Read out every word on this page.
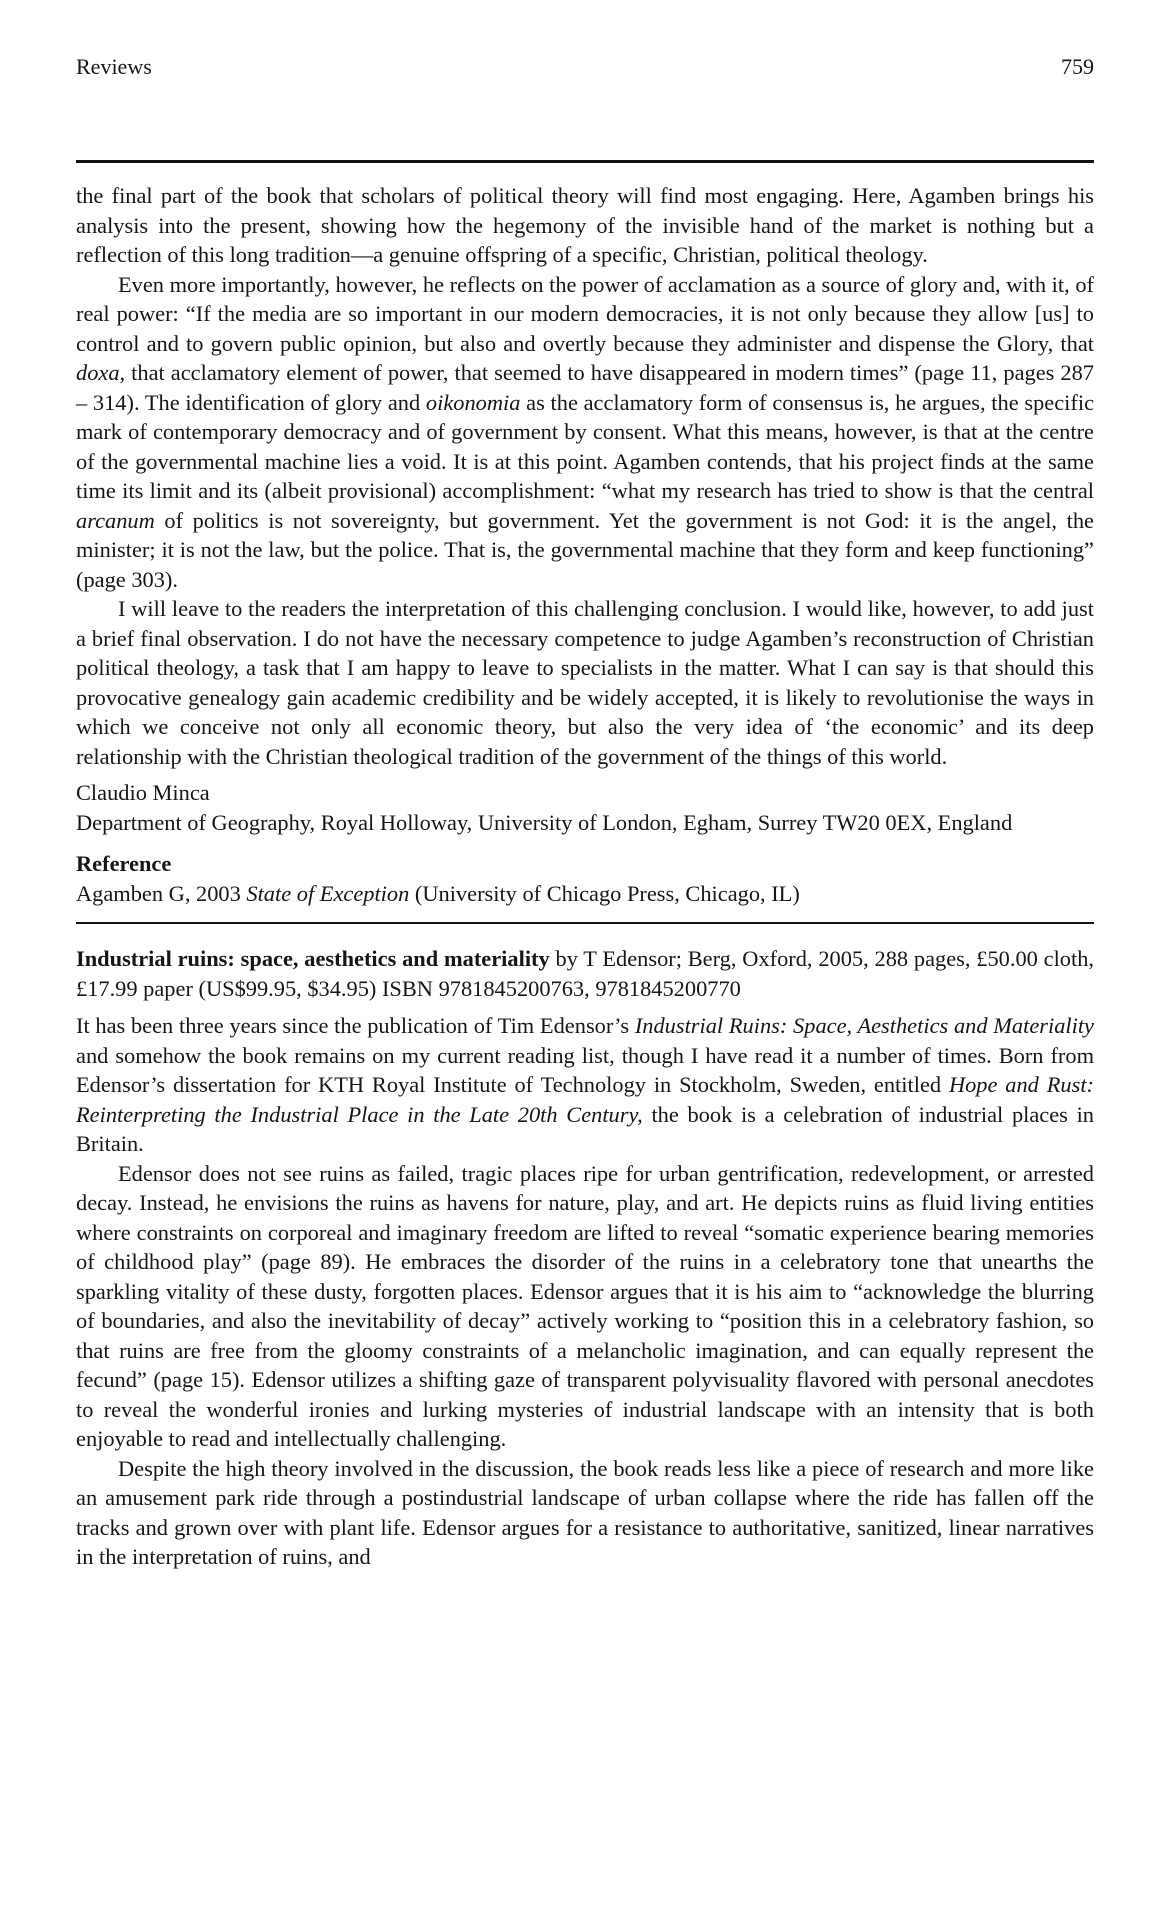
Reviews	759

the final part of the book that scholars of political theory will find most engaging. Here, Agamben brings his analysis into the present, showing how the hegemony of the invisible hand of the market is nothing but a reflection of this long tradition—a genuine offspring of a specific, Christian, political theology.

Even more importantly, however, he reflects on the power of acclamation as a source of glory and, with it, of real power: “If the media are so important in our modern democracies, it is not only because they allow [us] to control and to govern public opinion, but also and overtly because they administer and dispense the Glory, that doxa, that acclamatory element of power, that seemed to have disappeared in modern times” (page 11, pages 287 – 314). The identification of glory and oikonomia as the acclamatory form of consensus is, he argues, the specific mark of contemporary democracy and of government by consent. What this means, however, is that at the centre of the governmental machine lies a void. It is at this point. Agamben contends, that his project finds at the same time its limit and its (albeit provisional) accomplishment: “what my research has tried to show is that the central arcanum of politics is not sovereignty, but government. Yet the government is not God: it is the angel, the minister; it is not the law, but the police. That is, the governmental machine that they form and keep functioning” (page 303).

I will leave to the readers the interpretation of this challenging conclusion. I would like, however, to add just a brief final observation. I do not have the necessary competence to judge Agamben’s reconstruction of Christian political theology, a task that I am happy to leave to specialists in the matter. What I can say is that should this provocative genealogy gain academic credibility and be widely accepted, it is likely to revolutionise the ways in which we conceive not only all economic theory, but also the very idea of ‘the economic’ and its deep relationship with the Christian theological tradition of the government of the things of this world.

Claudio Minca
Department of Geography, Royal Holloway, University of London, Egham, Surrey TW20 0EX, England
Reference
Agamben G, 2003 State of Exception (University of Chicago Press, Chicago, IL)
Industrial ruins: space, aesthetics and materiality by T Edensor; Berg, Oxford, 2005, 288 pages, £50.00 cloth, £17.99 paper (US$99.95, $34.95) ISBN 9781845200763, 9781845200770

It has been three years since the publication of Tim Edensor’s Industrial Ruins: Space, Aesthetics and Materiality and somehow the book remains on my current reading list, though I have read it a number of times. Born from Edensor’s dissertation for KTH Royal Institute of Technology in Stockholm, Sweden, entitled Hope and Rust: Reinterpreting the Industrial Place in the Late 20th Century, the book is a celebration of industrial places in Britain.

Edensor does not see ruins as failed, tragic places ripe for urban gentrification, redevelopment, or arrested decay. Instead, he envisions the ruins as havens for nature, play, and art. He depicts ruins as fluid living entities where constraints on corporeal and imaginary freedom are lifted to reveal “somatic experience bearing memories of childhood play” (page 89). He embraces the disorder of the ruins in a celebratory tone that unearths the sparkling vitality of these dusty, forgotten places. Edensor argues that it is his aim to “acknowledge the blurring of boundaries, and also the inevitability of decay” actively working to “position this in a celebratory fashion, so that ruins are free from the gloomy constraints of a melancholic imagination, and can equally represent the fecund” (page 15). Edensor utilizes a shifting gaze of transparent polyvisuality flavored with personal anecdotes to reveal the wonderful ironies and lurking mysteries of industrial landscape with an intensity that is both enjoyable to read and intellectually challenging.

Despite the high theory involved in the discussion, the book reads less like a piece of research and more like an amusement park ride through a postindustrial landscape of urban collapse where the ride has fallen off the tracks and grown over with plant life. Edensor argues for a resistance to authoritative, sanitized, linear narratives in the interpretation of ruins, and
